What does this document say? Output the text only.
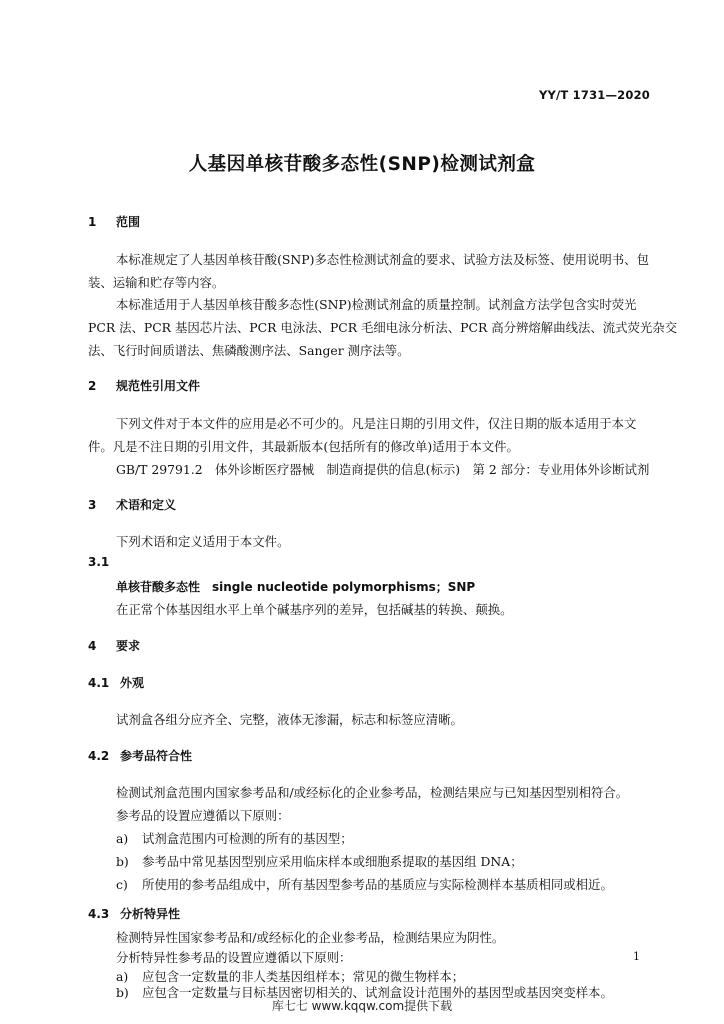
YY/T 1731—2020
人基因单核苷酸多态性(SNP)检测试剂盒
1 范围
本标准规定了人基因单核苷酸(SNP)多态性检测试剂盒的要求、试验方法及标签、使用说明书、包
装、运输和贮存等内容。
本标准适用于人基因单核苷酸多态性(SNP)检测试剂盒的质量控制。试剂盒方法学包含实时荧光
PCR 法、PCR 基因芯片法、PCR 电泳法、PCR 毛细电泳分析法、PCR 高分辨熔解曲线法、流式荧光杂交
法、飞行时间质谱法、焦磷酸测序法、Sanger 测序法等。
2 规范性引用文件
下列文件对于本文件的应用是必不可少的。凡是注日期的引用文件，仅注日期的版本适用于本文
件。凡是不注日期的引用文件，其最新版本(包括所有的修改单)适用于本文件。
GB/T 29791.2　体外诊断医疗器械　制造商提供的信息(标示)　第 2 部分：专业用体外诊断试剂
3 术语和定义
下列术语和定义适用于本文件。
3.1
单核苷酸多态性　single nucleotide polymorphisms；SNP
在正常个体基因组水平上单个碱基序列的差异，包括碱基的转换、颠换。
4 要求
4.1 外观
试剂盒各组分应齐全、完整，液体无渗漏，标志和标签应清晰。
4.2 参考品符合性
检测试剂盒范围内国家参考品和/或经标化的企业参考品，检测结果应与已知基因型别相符合。
参考品的设置应遵循以下原则：
a) 试剂盒范围内可检测的所有的基因型；
b) 参考品中常见基因型别应采用临床样本或细胞系提取的基因组 DNA；
c) 所使用的参考品组成中，所有基因型参考品的基质应与实际检测样本基质相同或相近。
4.3 分析特异性
检测特异性国家参考品和/或经标化的企业参考品，检测结果应为阴性。
分析特异性参考品的设置应遵循以下原则：
a) 应包含一定数量的非人类基因组样本；常见的微生物样本；
b) 应包含一定数量与目标基因密切相关的、试剂盒设计范围外的基因型或基因突变样本。
1
库七七 www.kqqw.com提供下载
